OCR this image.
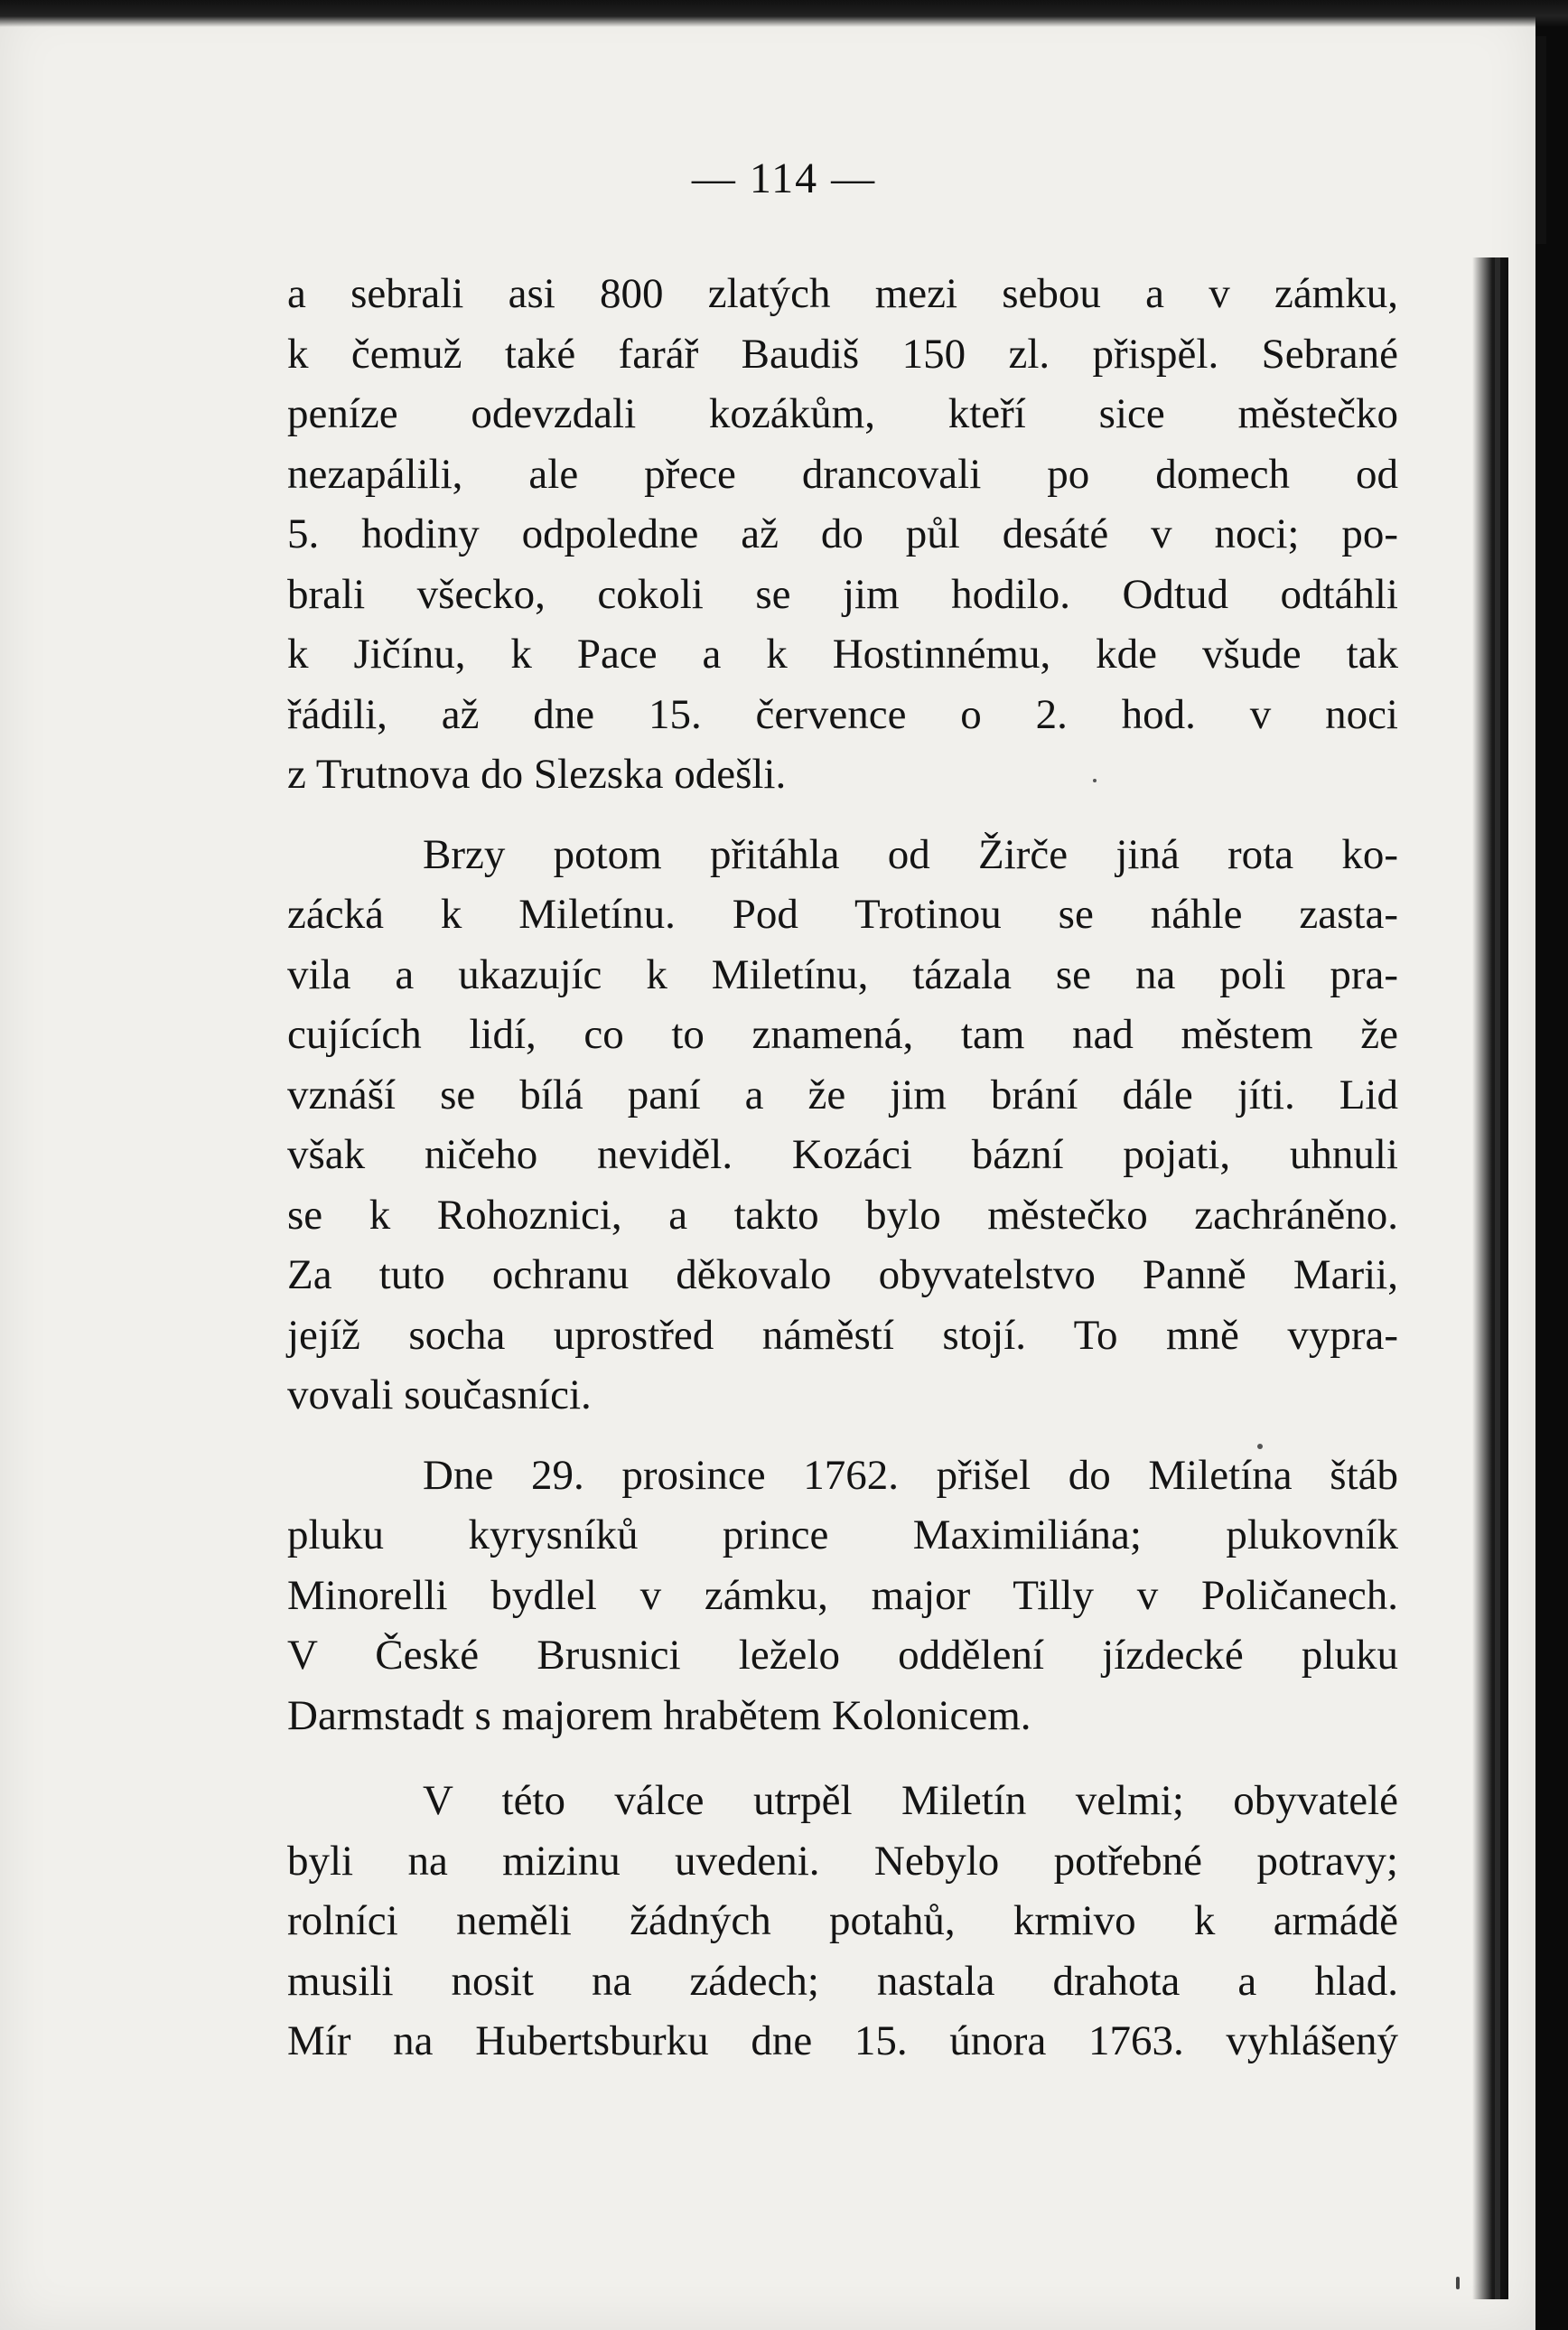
— 114 —
a sebrali asi 800 zlatých mezi sebou a v zámku,
k čemuž také farář Baudiš 150 zl. přispěl. Sebrané
peníze odevzdali kozákům, kteří sice městečko
nezapálili, ale přece drancovali po domech od
5. hodiny odpoledne až do půl desáté v noci; po-
brali všecko, cokoli se jim hodilo. Odtud odtáhli
k Jičínu, k Pace a k Hostinnému, kde všude tak
řádili, až dne 15. července o 2. hod. v noci
z Trutnova do Slezska odešli.
Brzy potom přitáhla od Žirče jiná rota ko-
zácká k Miletínu. Pod Trotinou se náhle zasta-
vila a ukazujíc k Miletínu, tázala se na poli pra-
cujících lidí, co to znamená, tam nad městem že
vznáší se bílá paní a že jim brání dále jíti. Lid
však ničeho neviděl. Kozáci bázní pojati, uhnuli
se k Rohoznici, a takto bylo městečko zachráněno.
Za tuto ochranu děkovalo obyvatelstvo Panně Marii,
jejíž socha uprostřed náměstí stojí. To mně vypra-
vovali současníci.
Dne 29. prosince 1762. přišel do Miletína štáb
pluku kyrysníků prince Maximiliána; plukovník
Minorelli bydlel v zámku, major Tilly v Poličanech.
V České Brusnici leželo oddělení jízdecké pluku
Darmstadt s majorem hrabětem Kolonicem.
V této válce utrpěl Miletín velmi; obyvatelé
byli na mizinu uvedeni. Nebylo potřebné potravy;
rolníci neměli žádných potahů, krmivo k armádě
musili nosit na zádech; nastala drahota a hlad.
Mír na Hubertsburku dne 15. února 1763. vyhlášený
